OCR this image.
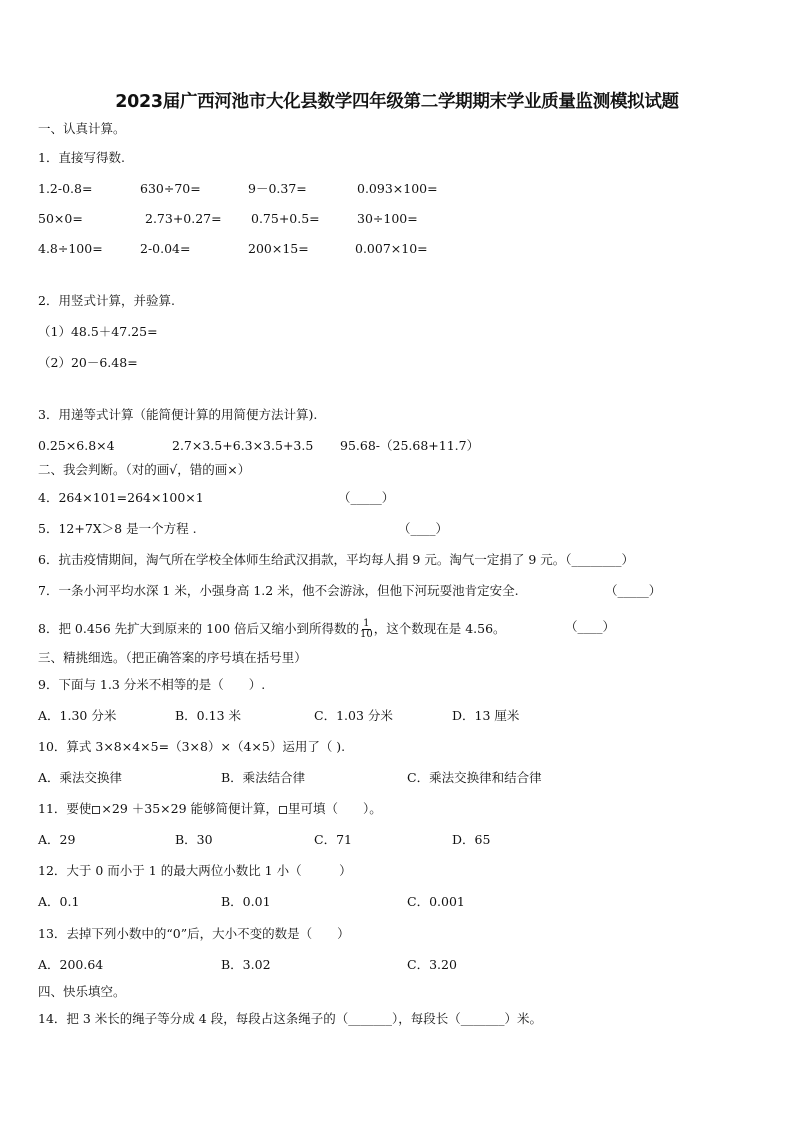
2023届广西河池市大化县数学四年级第二学期期末学业质量监测模拟试题
一、认真计算。
1．直接写得数.
1.2-0.8=	630÷70=	9－0.37=	0.093×100=
50×0=	2.73+0.27= 0.75+0.5=	30÷100=
4.8÷100=	2-0.04=	200×15=	0.007×10=
2．用竖式计算，并验算.
（1）48.5＋47.25=
（2）20－6.48=
3．用递等式计算（能简便计算的用简便方法计算).
0.25×6.8×4	2.7×3.5+6.3×3.5+3.5 95.68-（25.68+11.7）
二、我会判断。（对的画√，错的画×）
4．264×101=264×100×1	（_____）
5．12+7X＞8 是一个方程 .	（____）
6．抗击疫情期间，淘气所在学校全体师生给武汉捐款，平均每人捐 9 元。淘气一定捐了 9 元。（________）
7．一条小河平均水深 1 米，小强身高 1.2 米，他不会游泳，但他下河玩耍池肯定安全.	（_____）
8．把 0.456 先扩大到原来的 100 倍后又缩小到所得数的 $\frac{1}{10}$ ，这个数现在是 4.56。	（____）
三、精挑细选。（把正确答案的序号填在括号里）
9．下面与 1.3 分米不相等的是（　　）.
A．1.30 分米	B．0.13 米	C．1.03 分米	D．13 厘米
10．算式 3×8×4×5=（3×8）×（4×5）运用了（ ).
A．乘法交换律	B．乘法结合律	C．乘法交换律和结合律
11．要使 ×29 ＋35×29 能够简便计算， 里可填（　　）。
A．29	B．30	C．71	D．65
12．大于 0 而小于 1 的最大两位小数比 1 小（　　　）
A．0.1	B．0.01	C．0.001
13．去掉下列小数中的“0”后，大小不变的数是（　　）
A．200.64	B．3.02	C．3.20
四、快乐填空。
14．把 3 米长的绳子等分成 4 段，每段占这条绳子的（_______），每段长（_______）米。
